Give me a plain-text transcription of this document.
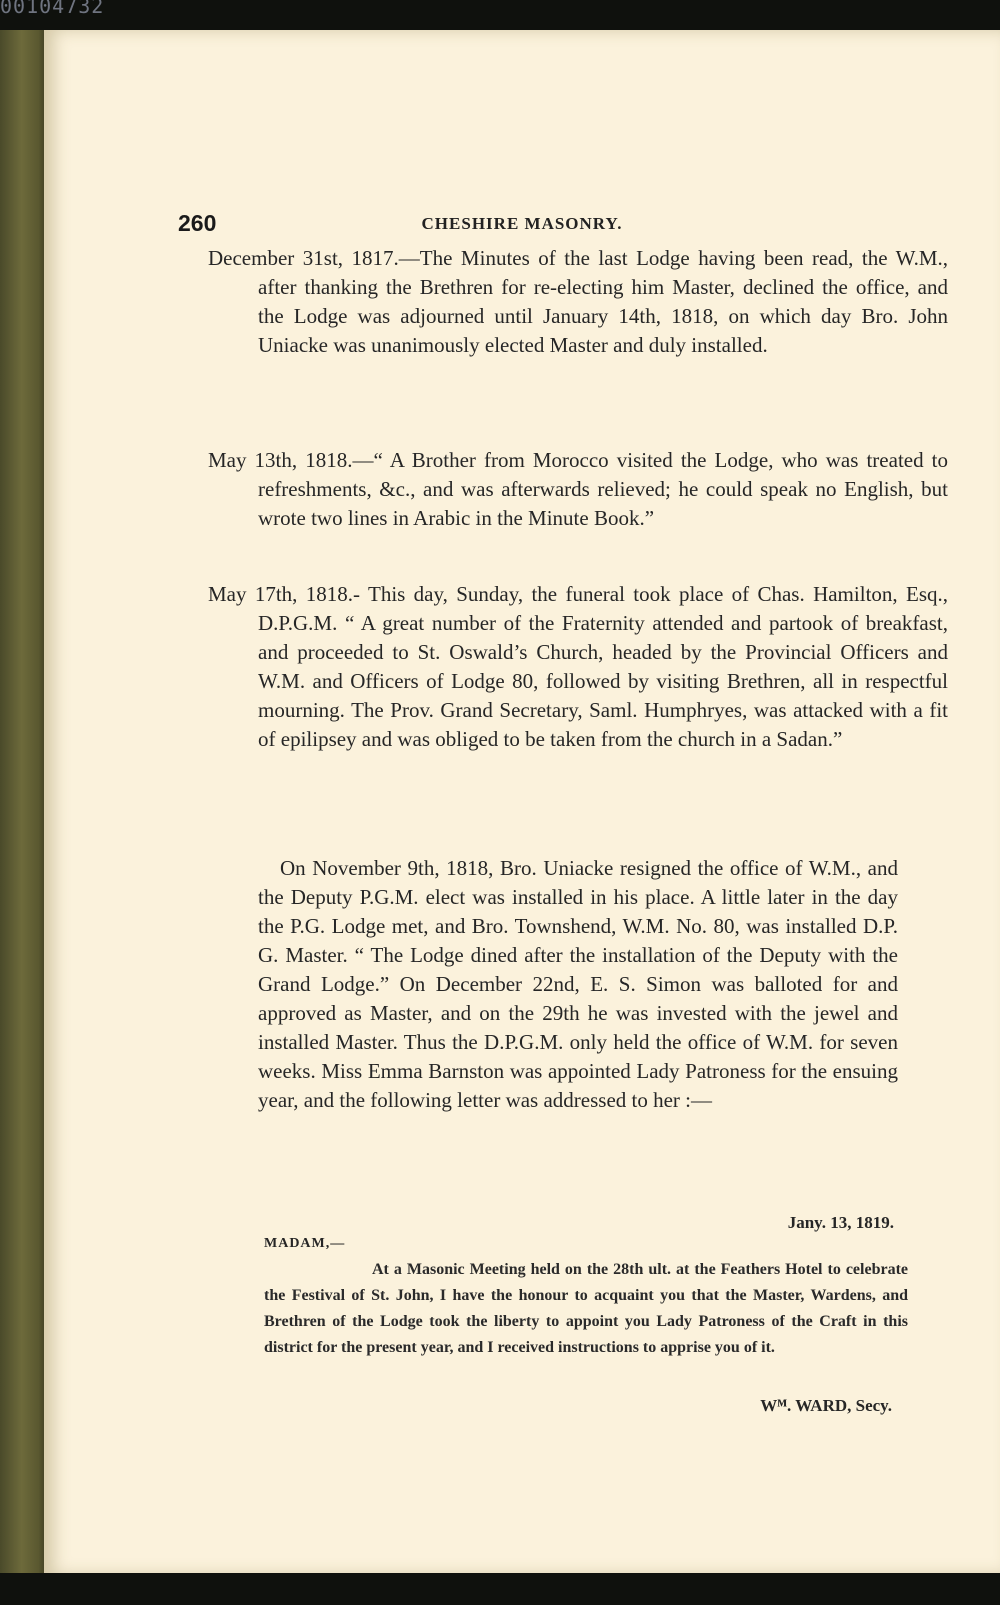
00104732
260	CHESHIRE MASONRY.

December 31st, 1817.—The Minutes of the last Lodge having been read, the W.M., after thanking the Brethren for re-electing him Master, declined the office, and the Lodge was adjourned until January 14th, 1818, on which day Bro. John Uniacke was unanimously elected Master and duly installed.

May 13th, 1818.—“ A Brother from Morocco visited the Lodge, who was treated to refreshments, &c., and was afterwards relieved; he could speak no English, but wrote two lines in Arabic in the Minute Book.”

May 17th, 1818.- This day, Sunday, the funeral took place of Chas. Hamilton, Esq., D.P.G.M. “ A great number of the Fraternity attended and partook of breakfast, and proceeded to St. Oswald’s Church, headed by the Provincial Officers and W.M. and Officers of Lodge 80, followed by visiting Brethren, all in respectful mourning. The Prov. Grand Secretary, Saml. Humphryes, was attacked with a fit of epilipsey and was obliged to be taken from the church in a Sadan.”

On November 9th, 1818, Bro. Uniacke resigned the office of W.M., and the Deputy P.G.M. elect was installed in his place. A little later in the day the P.G. Lodge met, and Bro. Townshend, W.M. No. 80, was installed D.P. G. Master. “ The Lodge dined after the installation of the Deputy with the Grand Lodge.” On December 22nd, E. S. Simon was balloted for and approved as Master, and on the 29th he was invested with the jewel and installed Master. Thus the D.P.G.M. only held the office of W.M. for seven weeks. Miss Emma Barnston was appointed Lady Patroness for the ensuing year, and the following letter was addressed to her :—

Jany. 13, 1819.
MADAM,—

At a Masonic Meeting held on the 28th ult. at the Feathers Hotel to celebrate the Festival of St. John, I have the honour to acquaint you that the Master, Wardens, and Brethren of the Lodge took the liberty to appoint you Lady Patroness of the Craft in this district for the present year, and I received instructions to apprise you of it.

Wᴹ. WARD, Secy.
